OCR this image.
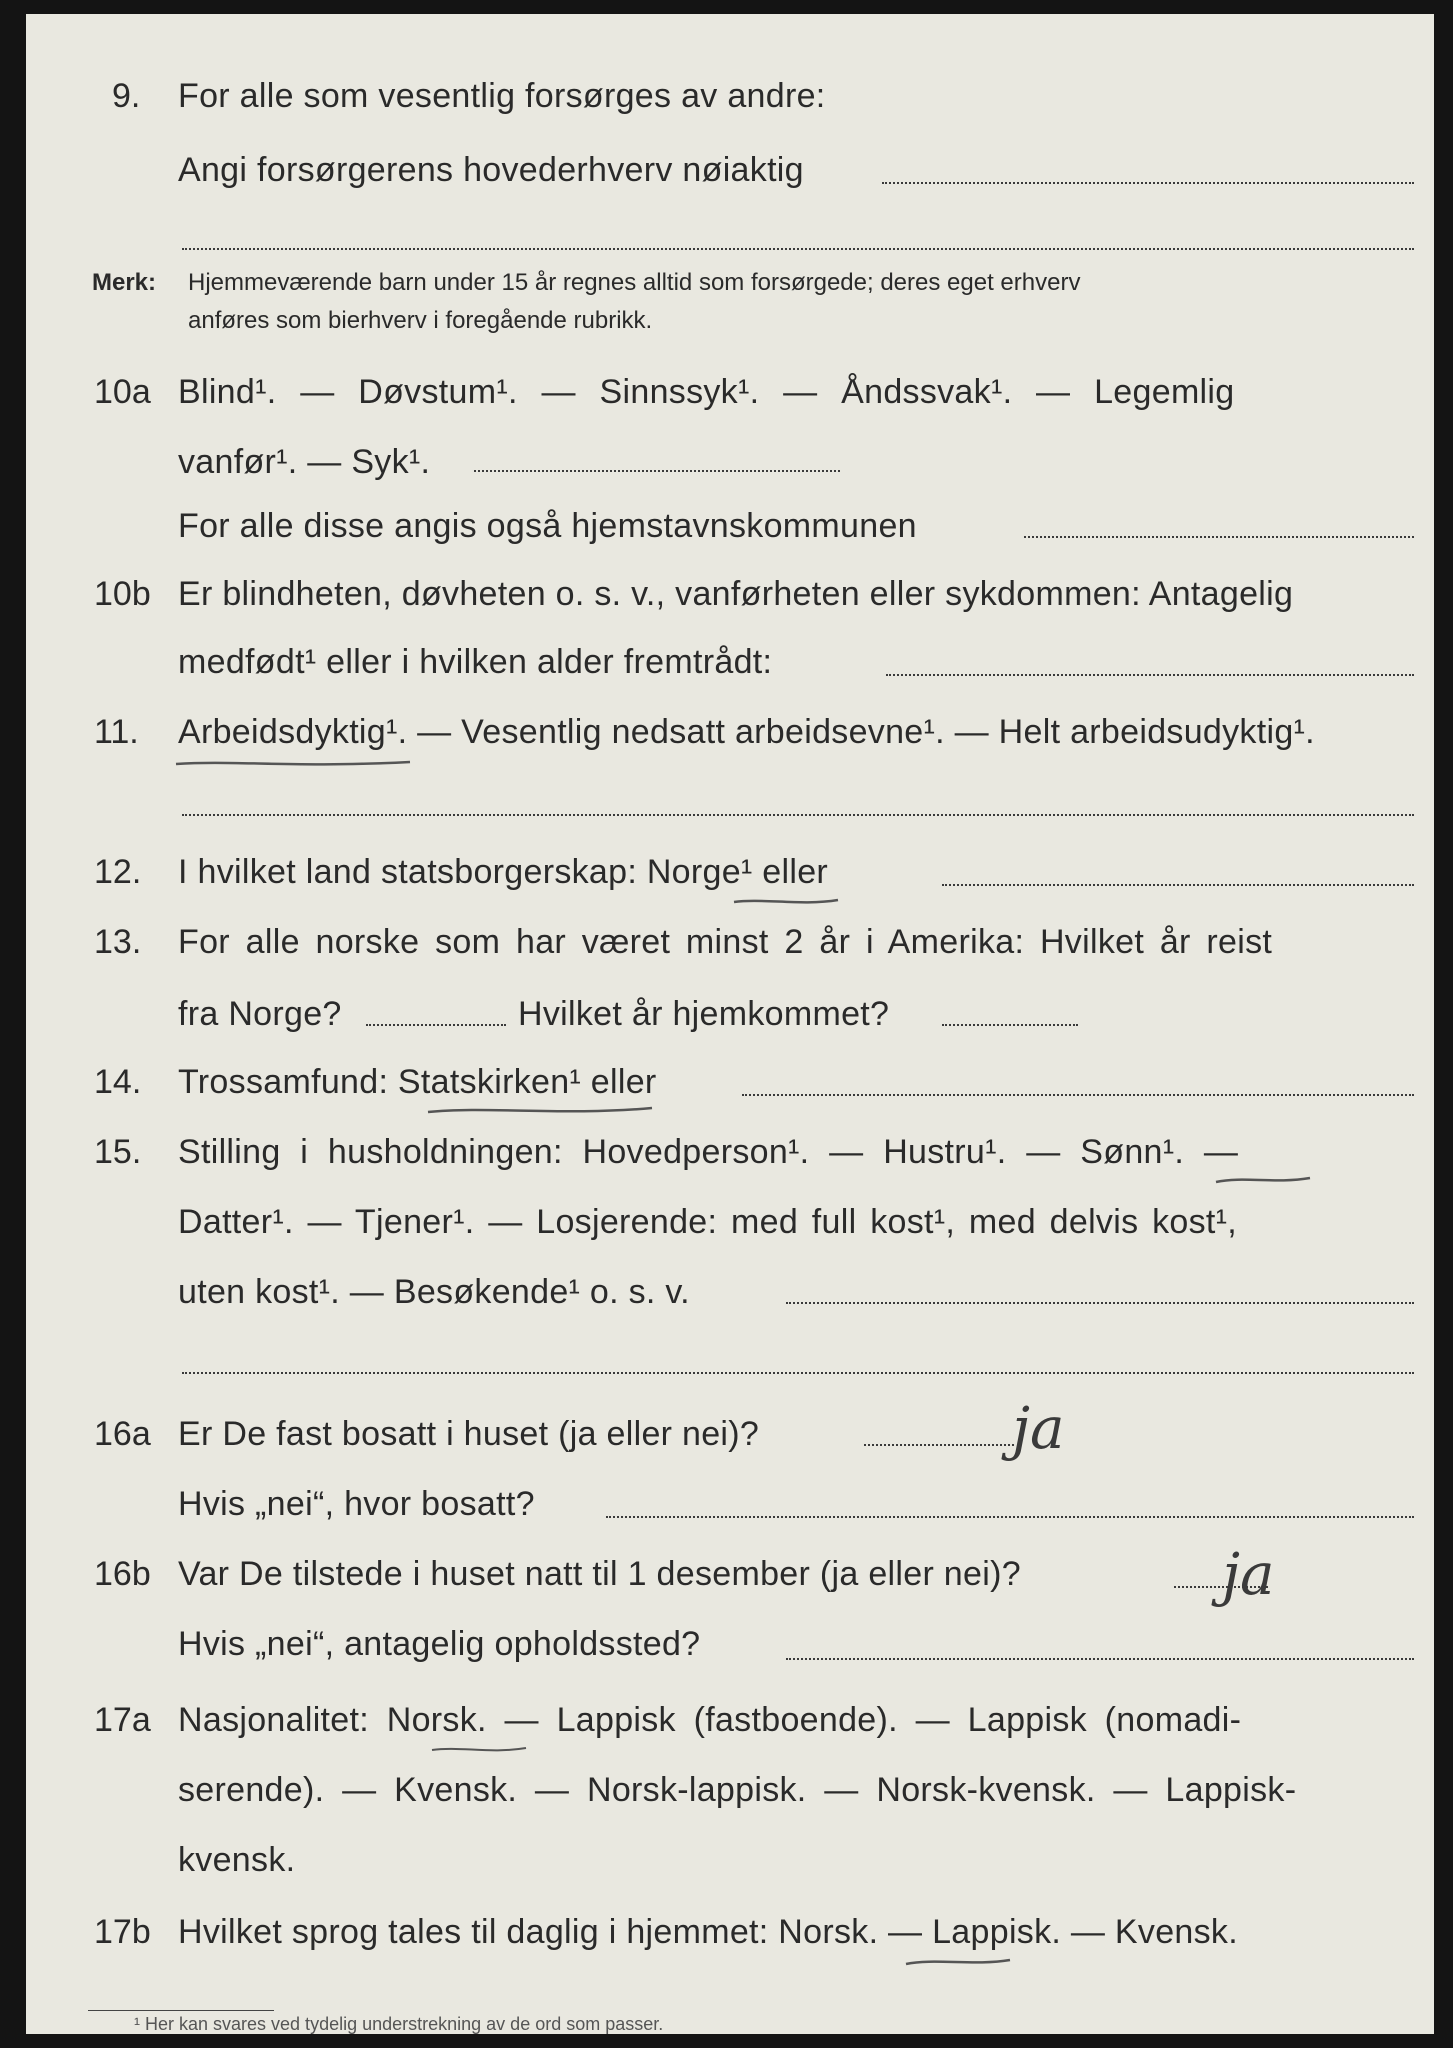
9. For alle som vesentlig forsørges av andre:
Angi forsørgerens hovederhverv nøiaktig
Merk: Hjemmeværende barn under 15 år regnes alltid som forsørgede; deres eget erhverv
anføres som bierhverv i foregående rubrikk.
10a Blind¹. — Døvstum¹. — Sinnssyk¹. — Åndssvak¹. — Legemlig
vanfør¹. — Syk¹.
For alle disse angis også hjemstavnskommunen
10b Er blindheten, døvheten o. s. v., vanførheten eller sykdommen: Antagelig
medfødt¹ eller i hvilken alder fremtrådt:
11. Arbeidsdyktig¹. — Vesentlig nedsatt arbeidsevne¹. — Helt arbeidsudyktig¹.
12. I hvilket land statsborgerskap: Norge¹ eller
13. For alle norske som har været minst 2 år i Amerika: Hvilket år reist
fra Norge?	Hvilket år hjemkommet?
14. Trossamfund: Statskirken¹ eller
15. Stilling i husholdningen: Hovedperson¹. — Hustru¹. — Sønn¹. —
Datter¹. — Tjener¹. — Losjerende: med full kost¹, med delvis kost¹,
uten kost¹. — Besøkende¹ o. s. v.
16a Er De fast bosatt i huset (ja eller nei)?	ja
Hvis „nei“, hvor bosatt?
16b Var De tilstede i huset natt til 1 desember (ja eller nei)?	ja
Hvis „nei“, antagelig opholdssted?
17a Nasjonalitet: Norsk. — Lappisk (fastboende). — Lappisk (nomadi-
serende). — Kvensk. — Norsk-lappisk. — Norsk-kvensk. — Lappisk-
kvensk.
17b Hvilket sprog tales til daglig i hjemmet: Norsk. — Lappisk. — Kvensk.
¹ Her kan svares ved tydelig understrekning av de ord som passer.
